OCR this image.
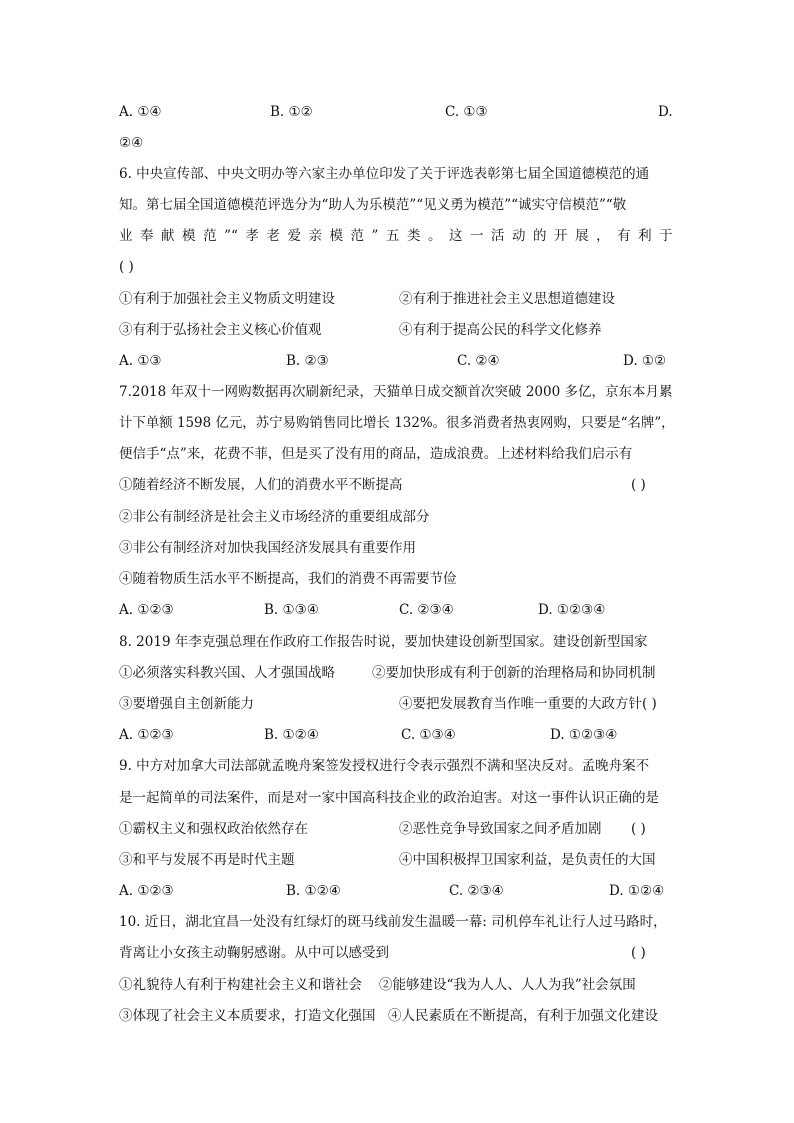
A. ①④	B. ①②	C. ①③	D.
②④
6. 中央宣传部、中央文明办等六家主办单位印发了关于评选表彰第七届全国道德模范的通
知。第七届全国道德模范评选分为“助人为乐模范”“见义勇为模范”“诚实守信模范”“敬
业 奉 献 模 范 ”“ 孝 老 爱 亲 模 范 ” 五 类 。 这 一 活 动 的 开 展 ， 有 利 于
( )
①有利于加强社会主义物质文明建设	②有利于推进社会主义思想道德建设
③有利于弘扬社会主义核心价值观	④有利于提高公民的科学文化修养
A. ①③	B. ②③	C. ②④	D. ①②
7.2018 年双十一网购数据再次刷新纪录，天猫单日成交额首次突破 2000 多亿，京东本月累
计下单额 1598 亿元，苏宁易购销售同比增长 132%。很多消费者热衷网购，只要是“名牌”，
便信手“点”来，花费不菲，但是买了没有用的商品，造成浪费。上述材料给我们启示有
①随着经济不断发展，人们的消费水平不断提高	( )
②非公有制经济是社会主义市场经济的重要组成部分
③非公有制经济对加快我国经济发展具有重要作用
④随着物质生活水平不断提高，我们的消费不再需要节俭
A. ①②③	B. ①③④	C. ②③④	D. ①②③④
8. 2019 年李克强总理在作政府工作报告时说，要加快建设创新型国家。建设创新型国家
①必须落实科教兴国、人才强国战略	②要加快形成有利于创新的治理格局和协同机制
③要增强自主创新能力	④要把发展教育当作唯一重要的大政方针( )
A. ①②③	B. ①②④	C. ①③④	D. ①②③④
9. 中方对加拿大司法部就孟晚舟案签发授权进行令表示强烈不满和坚决反对。孟晚舟案不
是一起简单的司法案件，而是对一家中国高科技企业的政治迫害。对这一事件认识正确的是
①霸权主义和强权政治依然存在	②恶性竞争导致国家之间矛盾加剧 ( )
③和平与发展不再是时代主题	④中国积极捍卫国家利益，是负责任的大国
A. ①②③	B. ①②④	C. ②③④	D. ①②④
10. 近日，湖北宜昌一处没有红绿灯的斑马线前发生温暖一幕: 司机停车礼让行人过马路时，
背离让小女孩主动鞠躬感谢。从中可以感受到	( )
①礼貌待人有利于构建社会主义和谐社会 ②能够建设“我为人人、人人为我”社会氛围
③体现了社会主义本质要求，打造文化强国 ④人民素质在不断提高，有利于加强文化建设
